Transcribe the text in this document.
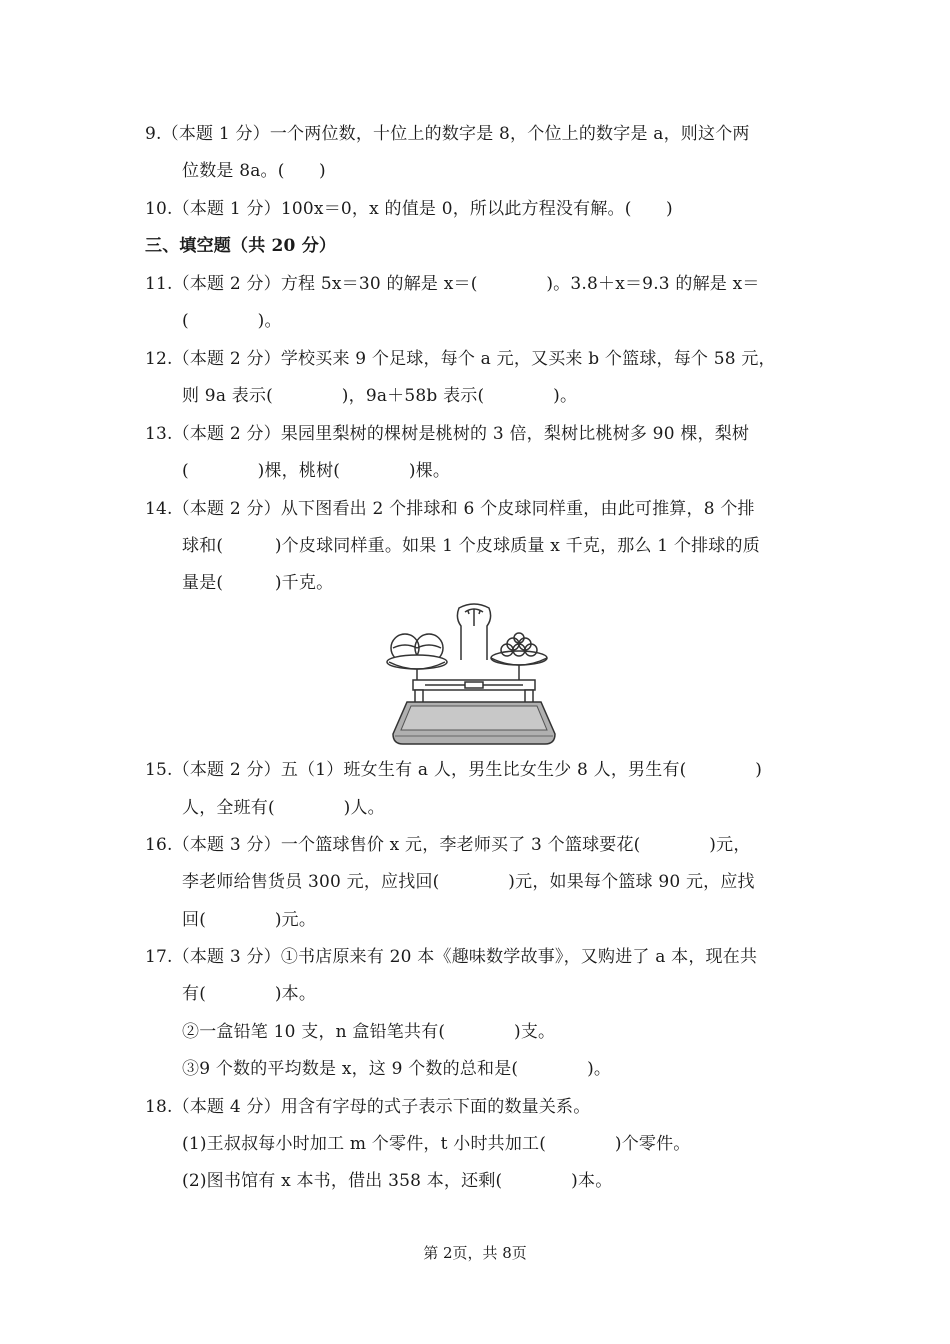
9.（本题 1 分）一个两位数，十位上的数字是 8，个位上的数字是 a，则这个两
位数是 8a。(　　)
10.（本题 1 分）100x＝0，x 的值是 0，所以此方程没有解。(　　)
三、填空题（共 20 分）
11.（本题 2 分）方程 5x＝30 的解是 x＝(　　　　)。3.8＋x＝9.3 的解是 x＝
(　　　　)。
12.（本题 2 分）学校买来 9 个足球，每个 a 元，又买来 b 个篮球，每个 58 元，
则 9a 表示(　　　　)，9a＋58b 表示(　　　　)。
13.（本题 2 分）果园里梨树的棵树是桃树的 3 倍，梨树比桃树多 90 棵，梨树
(　　　　)棵，桃树(　　　　)棵。
14.（本题 2 分）从下图看出 2 个排球和 6 个皮球同样重，由此可推算，8 个排
球和(　　　)个皮球同样重。如果 1 个皮球质量 x 千克，那么 1 个排球的质
量是(　　　)千克。
15.（本题 2 分）五（1）班女生有 a 人，男生比女生少 8 人，男生有(　　　　)
人，全班有(　　　　)人。
16.（本题 3 分）一个篮球售价 x 元，李老师买了 3 个篮球要花(　　　　)元，
李老师给售货员 300 元，应找回(　　　　)元，如果每个篮球 90 元，应找
回(　　　　)元。
17.（本题 3 分）①书店原来有 20 本《趣味数学故事》，又购进了 a 本，现在共
有(　　　　)本。
②一盒铅笔 10 支，n 盒铅笔共有(　　　　)支。
③9 个数的平均数是 x，这 9 个数的总和是(　　　　)。
18.（本题 4 分）用含有字母的式子表示下面的数量关系。
(1)王叔叔每小时加工 m 个零件，t 小时共加工(　　　　)个零件。
(2)图书馆有 x 本书，借出 358 本，还剩(　　　　)本。
第 2页，共 8页
